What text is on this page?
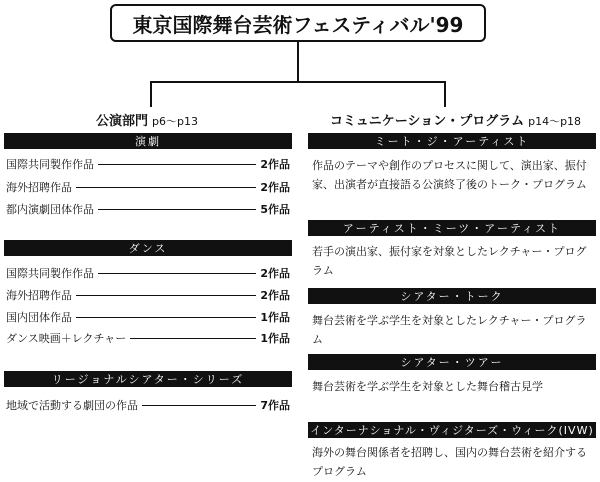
東京国際舞台芸術フェスティバル'99
公演部門 p6〜p13	コミュニケーション・プログラム p14〜p18
演劇
国際共同製作作品	2作品
海外招聘作品	2作品
都内演劇団体作品	5作品
ダンス
国際共同製作作品	2作品
海外招聘作品	2作品
国内団体作品	1作品
ダンス映画＋レクチャー	1作品
リージョナルシアター・シリーズ
地域で活動する劇団の作品	7作品
ミート・ジ・アーティスト
作品のテーマや創作のプロセスに関して、演出家、振付家、出演者が直接語る公演終了後のトーク・プログラム
アーティスト・ミーツ・アーティスト
若手の演出家、振付家を対象としたレクチャー・プログラム
シアター・トーク
舞台芸術を学ぶ学生を対象としたレクチャー・プログラム
シアター・ツアー
舞台芸術を学ぶ学生を対象とした舞台稽古見学
インターナショナル・ヴィジターズ・ウィーク(IVW)
海外の舞台関係者を招聘し、国内の舞台芸術を紹介するプログラム
